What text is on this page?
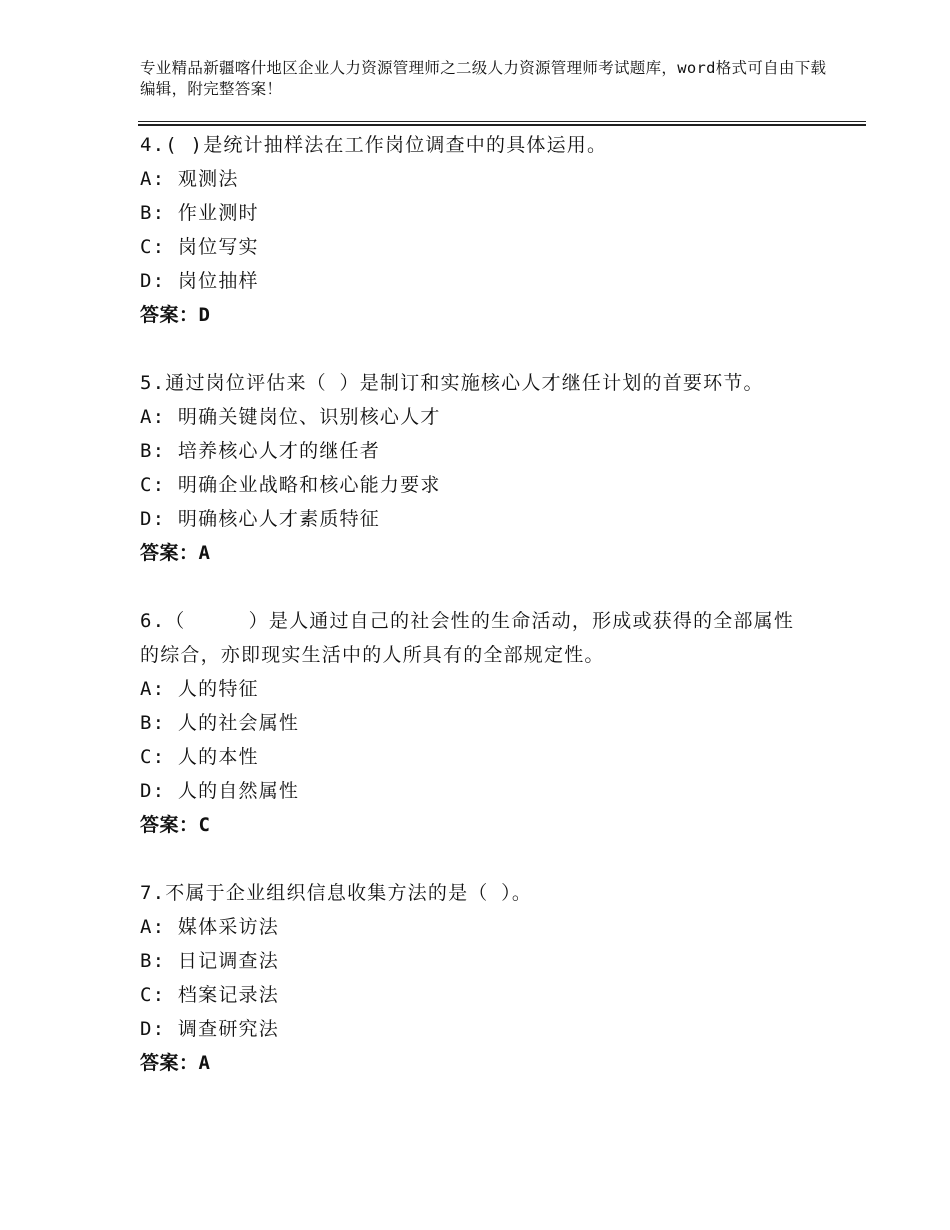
专业精品新疆喀什地区企业人力资源管理师之二级人力资源管理师考试题库，word格式可自由下载编辑，附完整答案！
4.( )是统计抽样法在工作岗位调查中的具体运用。
A: 观测法
B: 作业测时
C: 岗位写实
D: 岗位抽样
答案：D
5.通过岗位评估来（ ）是制订和实施核心人才继任计划的首要环节。
A: 明确关键岗位、识别核心人才
B: 培养核心人才的继任者
C: 明确企业战略和核心能力要求
D: 明确核心人才素质特征
答案：A
6.（     ）是人通过自己的社会性的生命活动，形成或获得的全部属性的综合，亦即现实生活中的人所具有的全部规定性。
A: 人的特征
B: 人的社会属性
C: 人的本性
D: 人的自然属性
答案：C
7.不属于企业组织信息收集方法的是（ ）。
A: 媒体采访法
B: 日记调查法
C: 档案记录法
D: 调查研究法
答案：A
